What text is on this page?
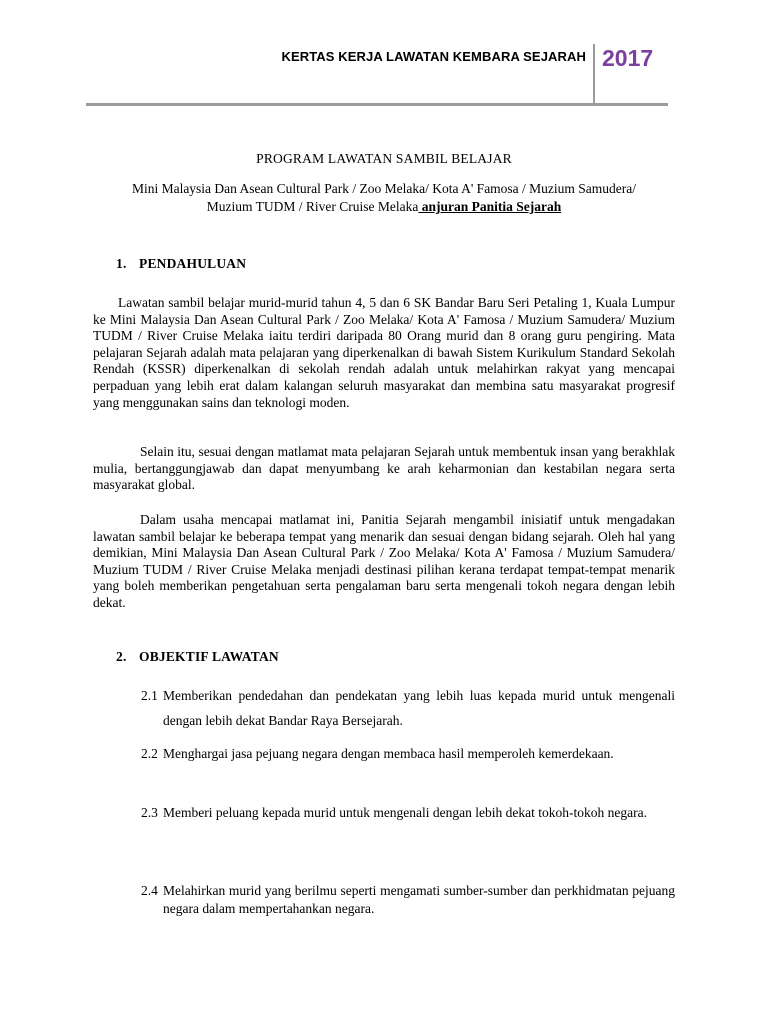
KERTAS KERJA LAWATAN KEMBARA SEJARAH 2017
PROGRAM LAWATAN SAMBIL BELAJAR
Mini Malaysia Dan Asean Cultural Park / Zoo Melaka/ Kota A' Famosa / Muzium Samudera/
Muzium TUDM / River Cruise Melaka anjuran Panitia Sejarah
1. PENDAHULUAN

Lawatan sambil belajar murid-murid tahun 4, 5 dan 6 SK Bandar Baru Seri Petaling 1, Kuala Lumpur ke Mini Malaysia Dan Asean Cultural Park / Zoo Melaka/ Kota A' Famosa / Muzium Samudera/ Muzium TUDM / River Cruise Melaka iaitu terdiri daripada 80 Orang murid dan 8 orang guru pengiring. Mata pelajaran Sejarah adalah mata pelajaran yang diperkenalkan di bawah Sistem Kurikulum Standard Sekolah Rendah (KSSR) diperkenalkan di sekolah rendah adalah untuk melahirkan rakyat yang mencapai perpaduan yang lebih erat dalam kalangan seluruh masyarakat dan membina satu masyarakat progresif yang menggunakan sains dan teknologi moden.

Selain itu, sesuai dengan matlamat mata pelajaran Sejarah untuk membentuk insan yang berakhlak mulia, bertanggungjawab dan dapat menyumbang ke arah keharmonian dan kestabilan negara serta masyarakat global.

Dalam usaha mencapai matlamat ini, Panitia Sejarah mengambil inisiatif untuk mengadakan lawatan sambil belajar ke beberapa tempat yang menarik dan sesuai dengan bidang sejarah. Oleh hal yang demikian, Mini Malaysia Dan Asean Cultural Park / Zoo Melaka/ Kota A' Famosa / Muzium Samudera/ Muzium TUDM / River Cruise Melaka menjadi destinasi pilihan kerana terdapat tempat-tempat menarik yang boleh memberikan pengetahuan serta pengalaman baru serta mengenali tokoh negara dengan lebih dekat.

2. OBJEKTIF LAWATAN
2.1 Memberikan pendedahan dan pendekatan yang lebih luas kepada murid untuk mengenali dengan lebih dekat Bandar Raya Bersejarah.
2.2 Menghargai jasa pejuang negara dengan membaca hasil memperoleh kemerdekaan.
2.3 Memberi peluang kepada murid untuk mengenali dengan lebih dekat tokoh-tokoh negara.
2.4 Melahirkan murid yang berilmu seperti mengamati sumber-sumber dan perkhidmatan pejuang negara dalam mempertahankan negara.
